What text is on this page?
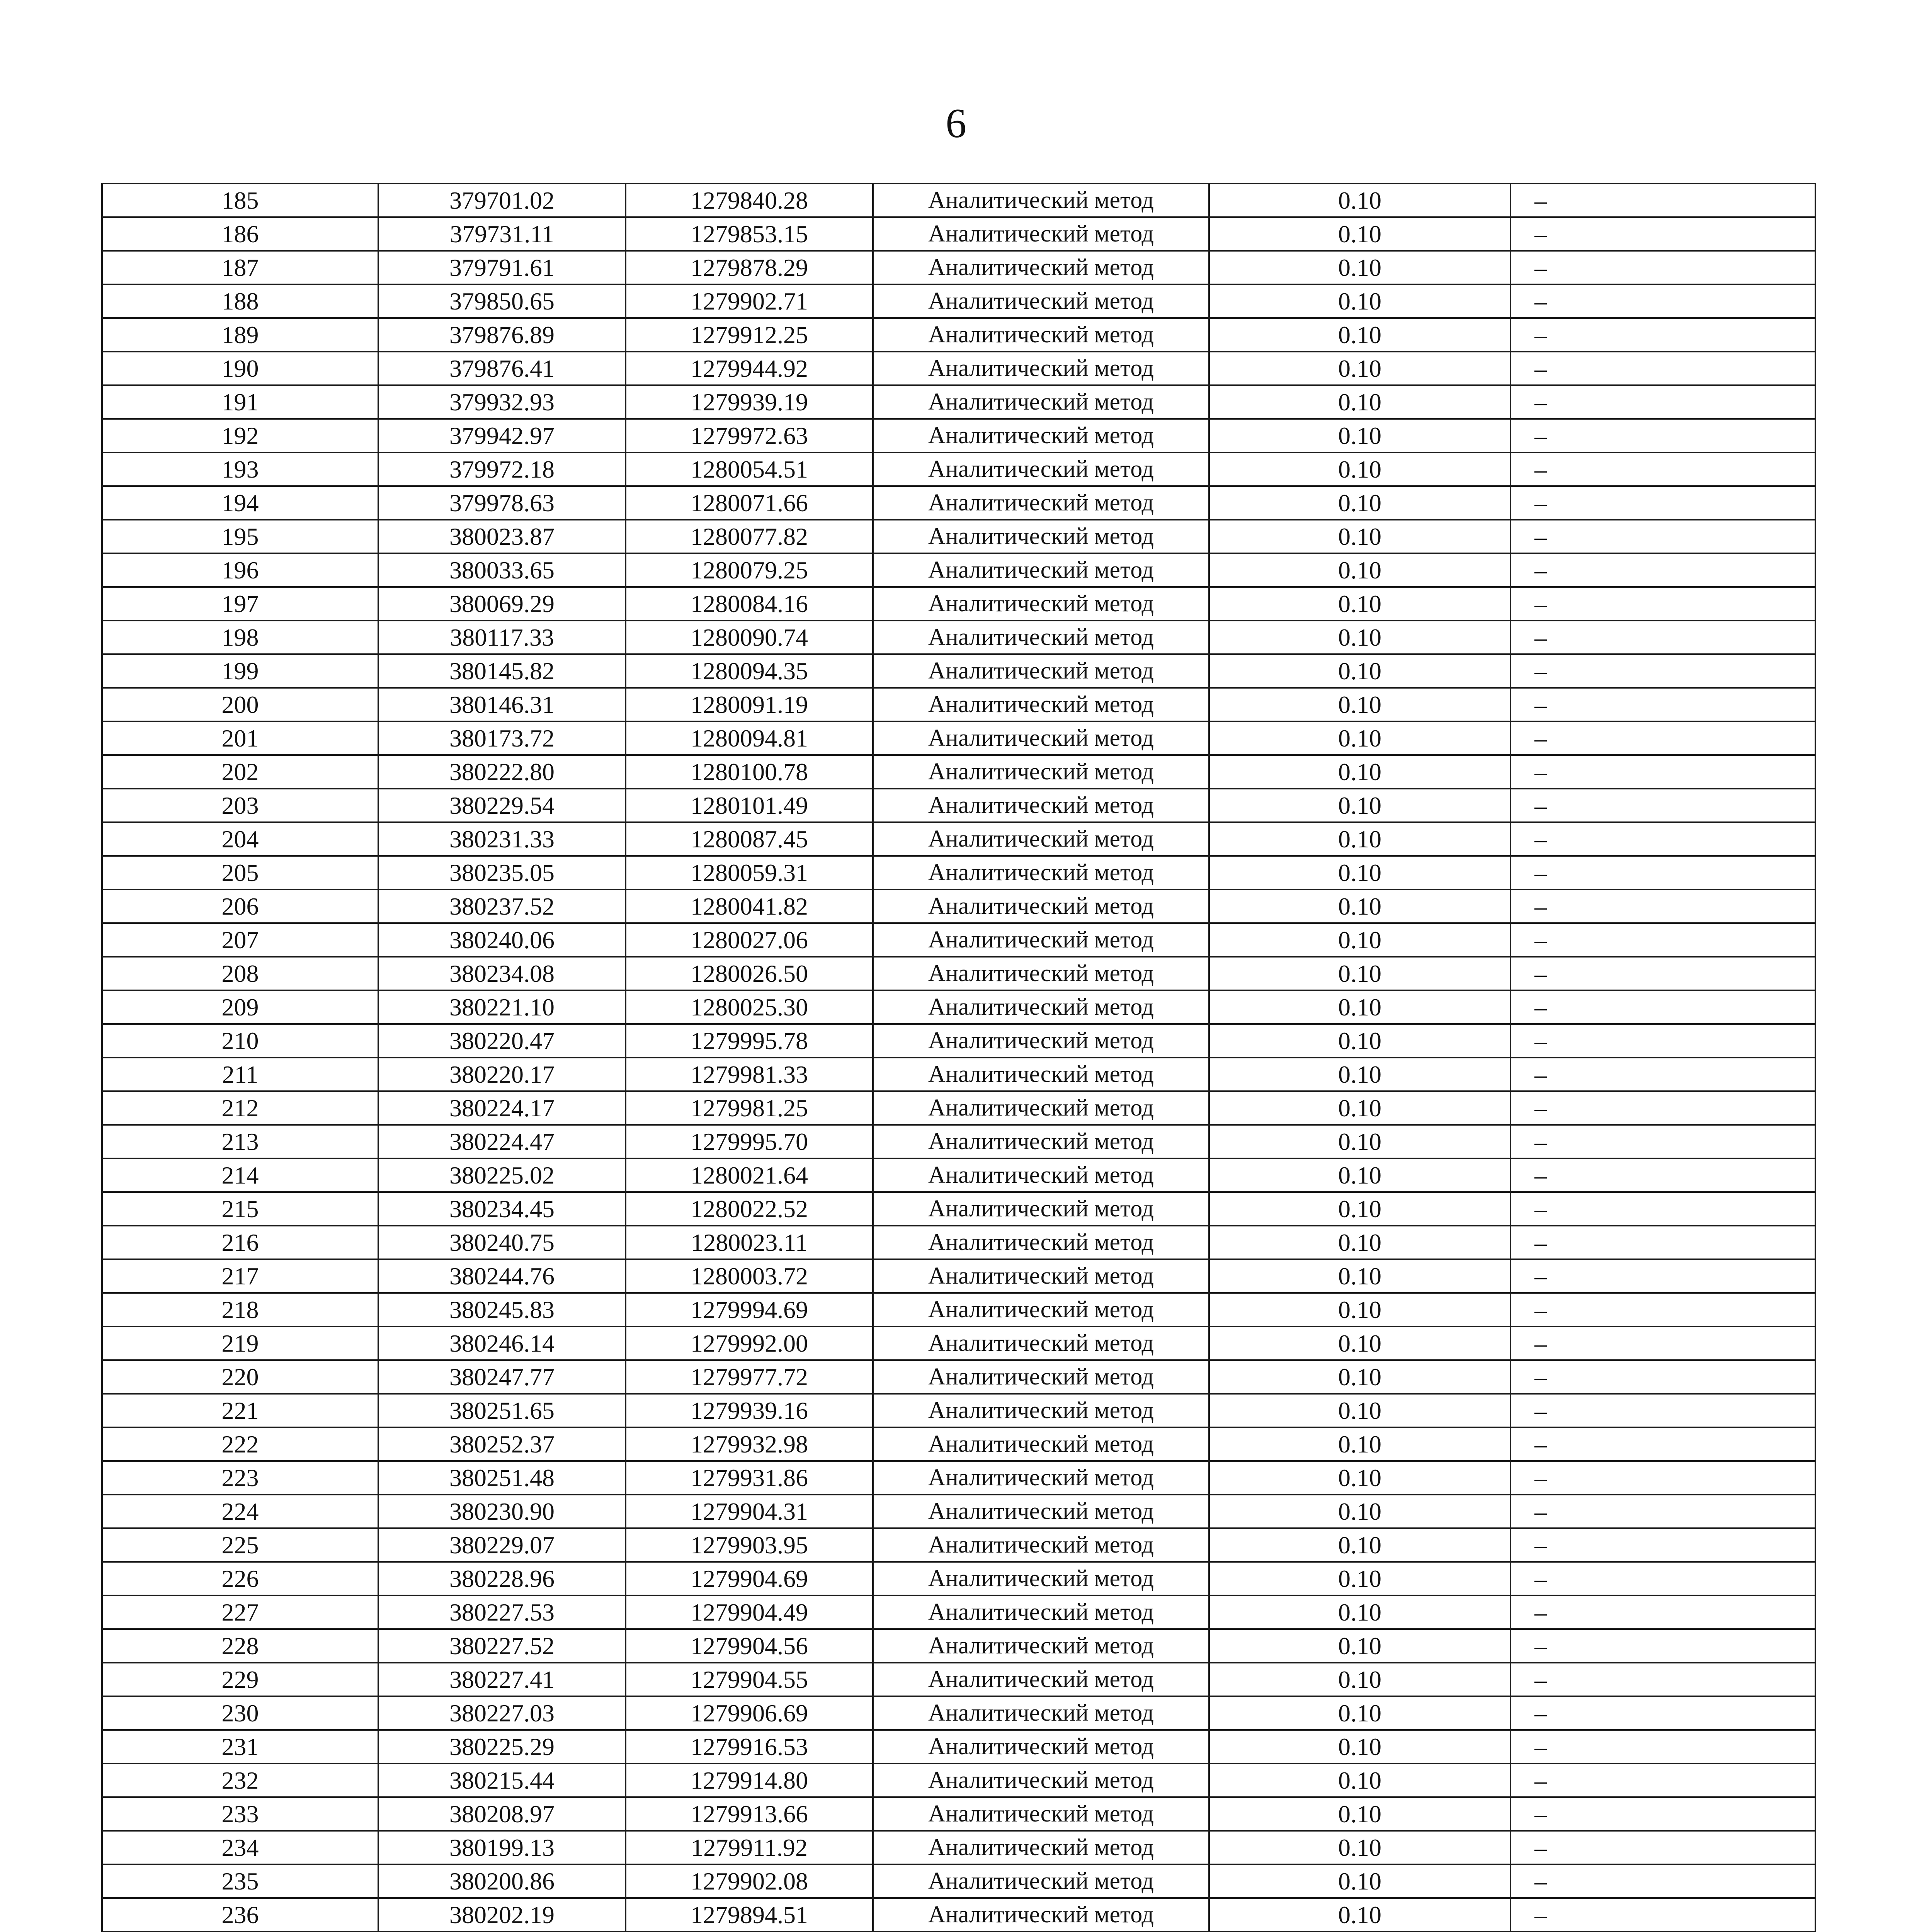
6
185	379701.02	1279840.28	Аналитический метод	0.10	–
186	379731.11	1279853.15	Аналитический метод	0.10	–
187	379791.61	1279878.29	Аналитический метод	0.10	–
188	379850.65	1279902.71	Аналитический метод	0.10	–
189	379876.89	1279912.25	Аналитический метод	0.10	–
190	379876.41	1279944.92	Аналитический метод	0.10	–
191	379932.93	1279939.19	Аналитический метод	0.10	–
192	379942.97	1279972.63	Аналитический метод	0.10	–
193	379972.18	1280054.51	Аналитический метод	0.10	–
194	379978.63	1280071.66	Аналитический метод	0.10	–
195	380023.87	1280077.82	Аналитический метод	0.10	–
196	380033.65	1280079.25	Аналитический метод	0.10	–
197	380069.29	1280084.16	Аналитический метод	0.10	–
198	380117.33	1280090.74	Аналитический метод	0.10	–
199	380145.82	1280094.35	Аналитический метод	0.10	–
200	380146.31	1280091.19	Аналитический метод	0.10	–
201	380173.72	1280094.81	Аналитический метод	0.10	–
202	380222.80	1280100.78	Аналитический метод	0.10	–
203	380229.54	1280101.49	Аналитический метод	0.10	–
204	380231.33	1280087.45	Аналитический метод	0.10	–
205	380235.05	1280059.31	Аналитический метод	0.10	–
206	380237.52	1280041.82	Аналитический метод	0.10	–
207	380240.06	1280027.06	Аналитический метод	0.10	–
208	380234.08	1280026.50	Аналитический метод	0.10	–
209	380221.10	1280025.30	Аналитический метод	0.10	–
210	380220.47	1279995.78	Аналитический метод	0.10	–
211	380220.17	1279981.33	Аналитический метод	0.10	–
212	380224.17	1279981.25	Аналитический метод	0.10	–
213	380224.47	1279995.70	Аналитический метод	0.10	–
214	380225.02	1280021.64	Аналитический метод	0.10	–
215	380234.45	1280022.52	Аналитический метод	0.10	–
216	380240.75	1280023.11	Аналитический метод	0.10	–
217	380244.76	1280003.72	Аналитический метод	0.10	–
218	380245.83	1279994.69	Аналитический метод	0.10	–
219	380246.14	1279992.00	Аналитический метод	0.10	–
220	380247.77	1279977.72	Аналитический метод	0.10	–
221	380251.65	1279939.16	Аналитический метод	0.10	–
222	380252.37	1279932.98	Аналитический метод	0.10	–
223	380251.48	1279931.86	Аналитический метод	0.10	–
224	380230.90	1279904.31	Аналитический метод	0.10	–
225	380229.07	1279903.95	Аналитический метод	0.10	–
226	380228.96	1279904.69	Аналитический метод	0.10	–
227	380227.53	1279904.49	Аналитический метод	0.10	–
228	380227.52	1279904.56	Аналитический метод	0.10	–
229	380227.41	1279904.55	Аналитический метод	0.10	–
230	380227.03	1279906.69	Аналитический метод	0.10	–
231	380225.29	1279916.53	Аналитический метод	0.10	–
232	380215.44	1279914.80	Аналитический метод	0.10	–
233	380208.97	1279913.66	Аналитический метод	0.10	–
234	380199.13	1279911.92	Аналитический метод	0.10	–
235	380200.86	1279902.08	Аналитический метод	0.10	–
236	380202.19	1279894.51	Аналитический метод	0.10	–
